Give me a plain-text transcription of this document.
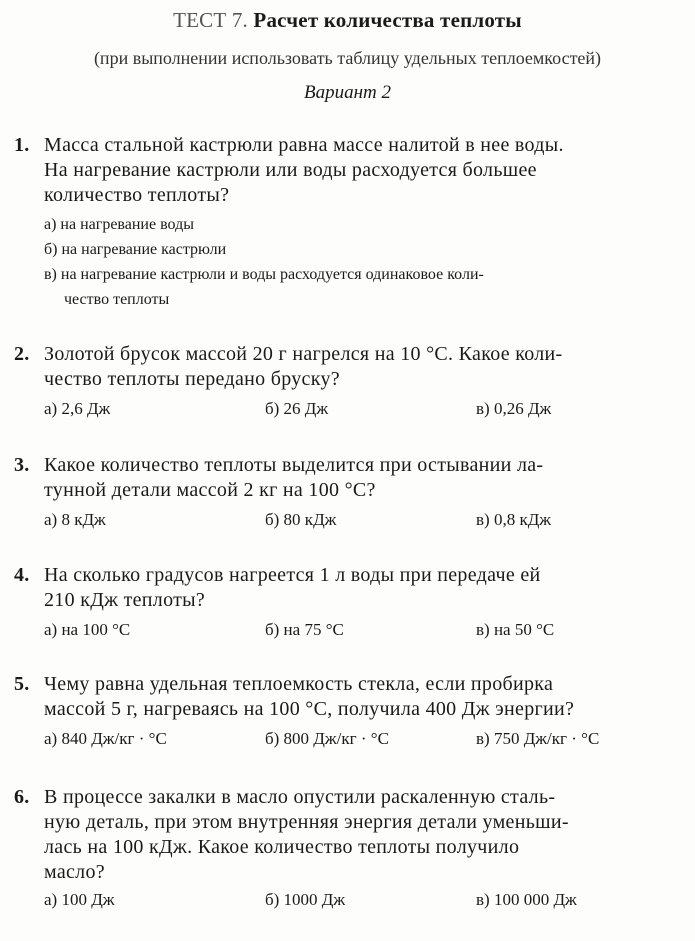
ТЕСТ 7. Расчет количества теплоты
(при выполнении использовать таблицу удельных теплоемкостей)
Вариант 2
1. Масса стальной кастрюли равна массе налитой в нее воды.
На нагревание кастрюли или воды расходуется большее
количество теплоты?
а) на нагревание воды
б) на нагревание кастрюли
в) на нагревание кастрюли и воды расходуется одинаковое коли-
чество теплоты
2. Золотой брусок массой 20 г нагрелся на 10 °С. Какое коли-
чество теплоты передано бруску?
а) 2,6 Дж	б) 26 Дж	в) 0,26 Дж
3. Какое количество теплоты выделится при остывании ла-
тунной детали массой 2 кг на 100 °С?
а) 8 кДж	б) 80 кДж	в) 0,8 кДж
4. На сколько градусов нагреется 1 л воды при передаче ей
210 кДж теплоты?
а) на 100 °С	б) на 75 °С	в) на 50 °С
5. Чему равна удельная теплоемкость стекла, если пробирка
массой 5 г, нагреваясь на 100 °С, получила 400 Дж энергии?
а) 840 Дж/кг · °С	б) 800 Дж/кг · °С	в) 750 Дж/кг · °С
6. В процессе закалки в масло опустили раскаленную сталь-
ную деталь, при этом внутренняя энергия детали уменьши-
лась на 100 кДж. Какое количество теплоты получило
масло?
а) 100 Дж	б) 1000 Дж	в) 100 000 Дж
